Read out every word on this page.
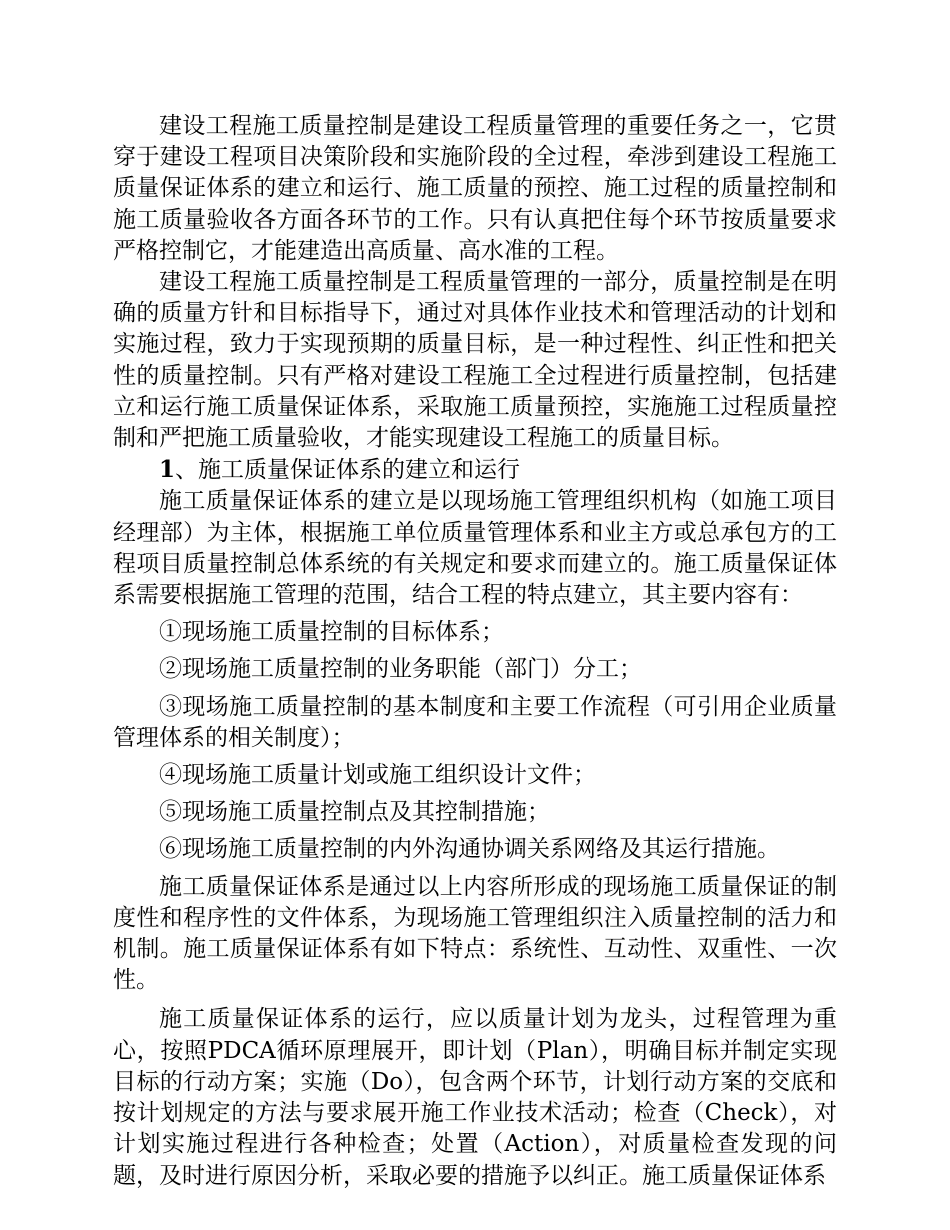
建设工程施工质量控制是建设工程质量管理的重要任务之一，它贯穿于建设工程项目决策阶段和实施阶段的全过程，牵涉到建设工程施工质量保证体系的建立和运行、施工质量的预控、施工过程的质量控制和施工质量验收各方面各环节的工作。只有认真把住每个环节按质量要求严格控制它，才能建造出高质量、高水准的工程。

建设工程施工质量控制是工程质量管理的一部分，质量控制是在明确的质量方针和目标指导下，通过对具体作业技术和管理活动的计划和实施过程，致力于实现预期的质量目标，是一种过程性、纠正性和把关性的质量控制。只有严格对建设工程施工全过程进行质量控制，包括建立和运行施工质量保证体系，采取施工质量预控，实施施工过程质量控制和严把施工质量验收，才能实现建设工程施工的质量目标。

1、施工质量保证体系的建立和运行

施工质量保证体系的建立是以现场施工管理组织机构（如施工项目经理部）为主体，根据施工单位质量管理体系和业主方或总承包方的工程项目质量控制总体系统的有关规定和要求而建立的。施工质量保证体系需要根据施工管理的范围，结合工程的特点建立，其主要内容有：

①现场施工质量控制的目标体系；

②现场施工质量控制的业务职能（部门）分工；

③现场施工质量控制的基本制度和主要工作流程（可引用企业质量管理体系的相关制度）；

④现场施工质量计划或施工组织设计文件；

⑤现场施工质量控制点及其控制措施；

⑥现场施工质量控制的内外沟通协调关系网络及其运行措施。

施工质量保证体系是通过以上内容所形成的现场施工质量保证的制度性和程序性的文件体系，为现场施工管理组织注入质量控制的活力和机制。施工质量保证体系有如下特点：系统性、互动性、双重性、一次性。

施工质量保证体系的运行，应以质量计划为龙头，过程管理为重心，按照PDCA循环原理展开，即计划（Plan），明确目标并制定实现目标的行动方案；实施（Do），包含两个环节，计划行动方案的交底和按计划规定的方法与要求展开施工作业技术活动；检查（Check），对计划实施过程进行各种检查；处置（Action），对质量检查发现的问题，及时进行原因分析，采取必要的措施予以纠正。施工质量保证体系
